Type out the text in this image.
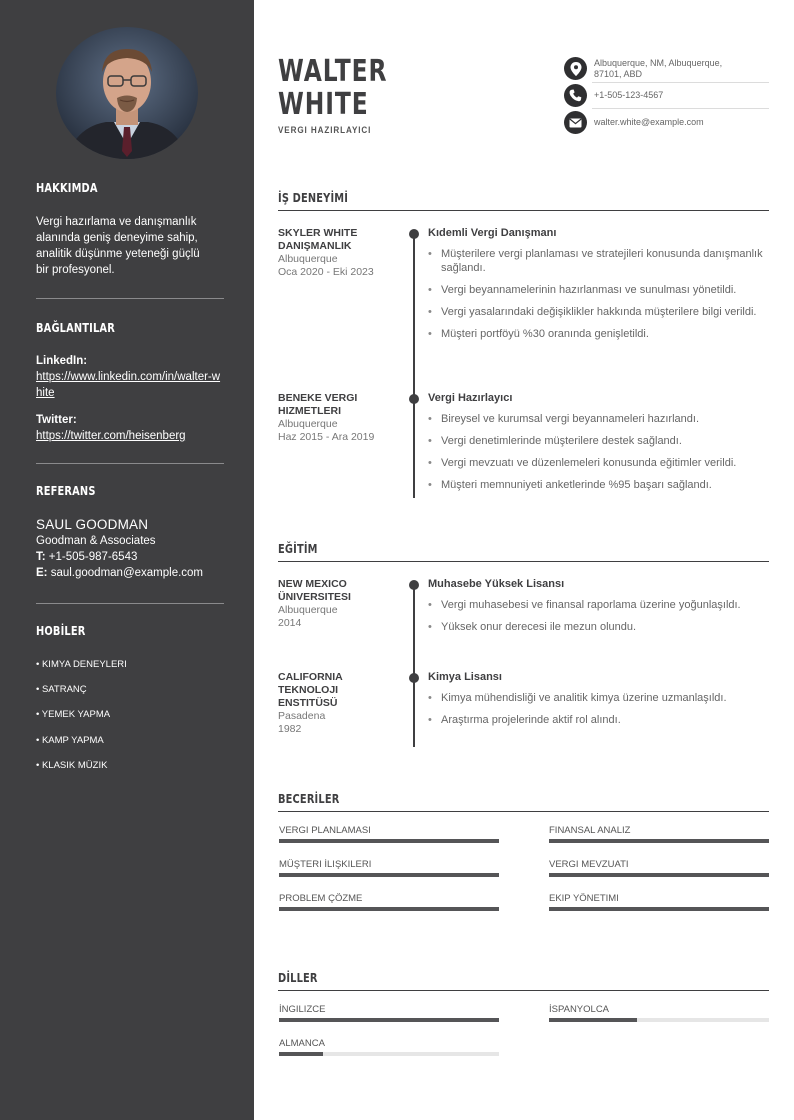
HAKKIMDA
Vergi hazırlama ve danışmanlık alanında geniş deneyime sahip, analitik düşünme yeteneği güçlü bir profesyonel.
BAĞLANTILAR
LinkedIn:
https://www.linkedin.com/in/walter-white
Twitter:
https://twitter.com/heisenberg
REFERANS
SAUL GOODMAN
Goodman & Associates
T: +1-505-987-6543
E: saul.goodman@example.com
HOBİLER
• KIMYA DENEYLERI
• SATRANÇ
• YEMEK YAPMA
• KAMP YAPMA
• KLASIK MÜZIK
WALTER
WHITE
VERGI HAZIRLAYICI
Albuquerque, NM, Albuquerque,
87101, ABD
+1-505-123-4567
walter.white@example.com
İŞ DENEYİMİ
SKYLER WHITE
DANIŞMANLIK
Albuquerque
Oca 2020 - Eki 2023
Kıdemli Vergi Danışmanı
• Müşterilere vergi planlaması ve stratejileri konusunda danışmanlık sağlandı.
• Vergi beyannamelerinin hazırlanması ve sunulması yönetildi.
• Vergi yasalarındaki değişiklikler hakkında müşterilere bilgi verildi.
• Müşteri portföyü %30 oranında genişletildi.
BENEKE VERGI
HIZMETLERI
Albuquerque
Haz 2015 - Ara 2019
Vergi Hazırlayıcı
• Bireysel ve kurumsal vergi beyannameleri hazırlandı.
• Vergi denetimlerinde müşterilere destek sağlandı.
• Vergi mevzuatı ve düzenlemeleri konusunda eğitimler verildi.
• Müşteri memnuniyeti anketlerinde %95 başarı sağlandı.
EĞİTİM
NEW MEXICO
ÜNIVERSITESI
Albuquerque
2014
Muhasebe Yüksek Lisansı
• Vergi muhasebesi ve finansal raporlama üzerine yoğunlaşıldı.
• Yüksek onur derecesi ile mezun olundu.
CALIFORNIA
TEKNOLOJI
ENSTITÜSÜ
Pasadena
1982
Kimya Lisansı
• Kimya mühendisliği ve analitik kimya üzerine uzmanlaşıldı.
• Araştırma projelerinde aktif rol alındı.
BECERİLER
VERGI PLANLAMASI	FINANSAL ANALIZ
MÜŞTERI İLIŞKILERI	VERGI MEVZUATI
PROBLEM ÇÖZME	EKIP YÖNETIMI
DİLLER
İNGILIZCE	İSPANYOLCA
ALMANCA
